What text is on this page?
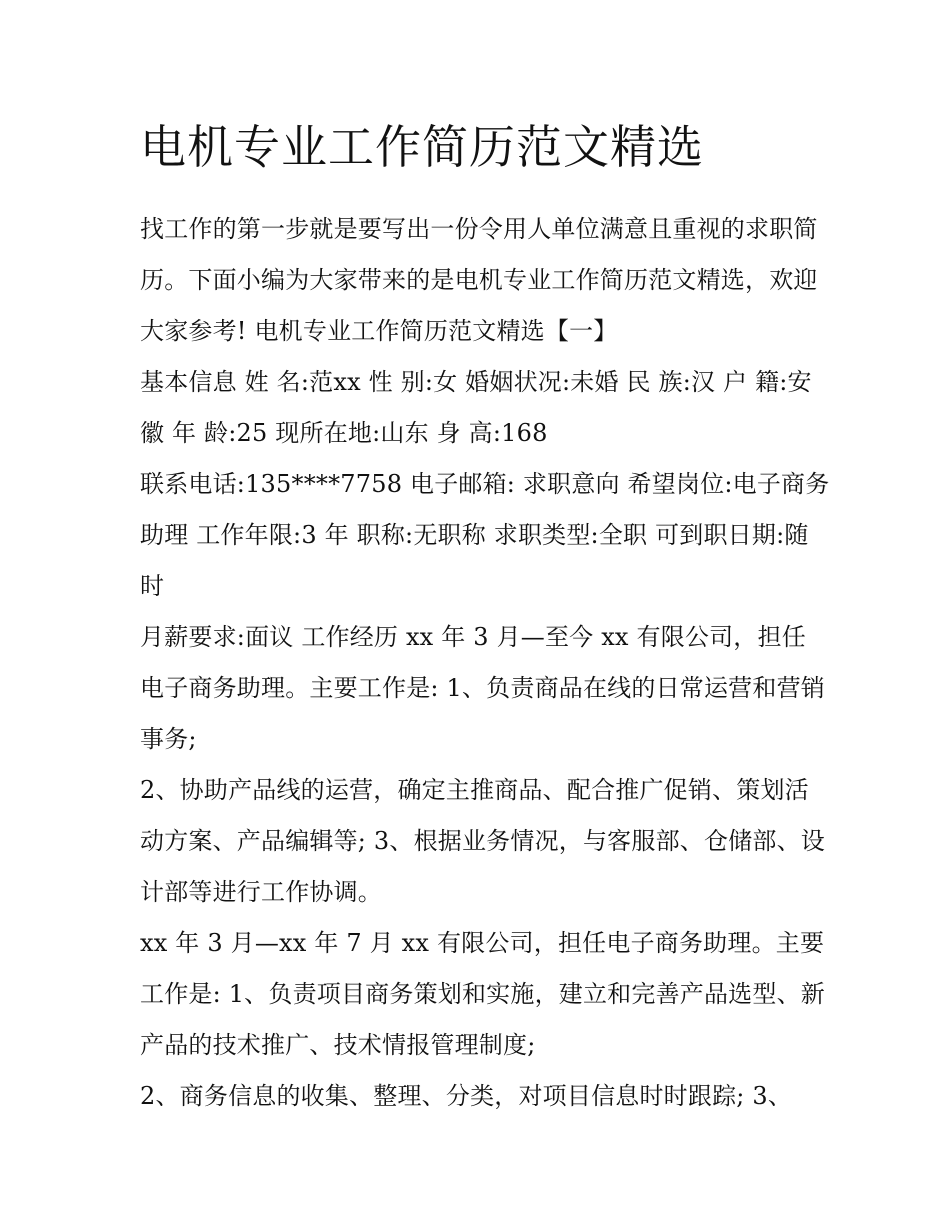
电机专业工作简历范文精选

找工作的第一步就是要写出一份令用人单位满意且重视的求职简历。下面小编为大家带来的是电机专业工作简历范文精选，欢迎大家参考! 电机专业工作简历范文精选【一】

基本信息 姓 名:范xx 性 别:女 婚姻状况:未婚 民 族:汉 户 籍:安徽 年 龄:25 现所在地:山东 身 高:168

联系电话:135****7758 电子邮箱: 求职意向 希望岗位:电子商务助理 工作年限:3 年 职称:无职称 求职类型:全职 可到职日期:随时

月薪要求:面议 工作经历 xx 年 3 月—至今 xx 有限公司，担任电子商务助理。主要工作是: 1、负责商品在线的日常运营和营销事务;

2、协助产品线的运营，确定主推商品、配合推广促销、策划活动方案、产品编辑等; 3、根据业务情况，与客服部、仓储部、设计部等进行工作协调。

xx 年 3 月—xx 年 7 月 xx 有限公司，担任电子商务助理。主要工作是: 1、负责项目商务策划和实施，建立和完善产品选型、新产品的技术推广、技术情报管理制度;

2、商务信息的收集、整理、分类，对项目信息时时跟踪; 3、
